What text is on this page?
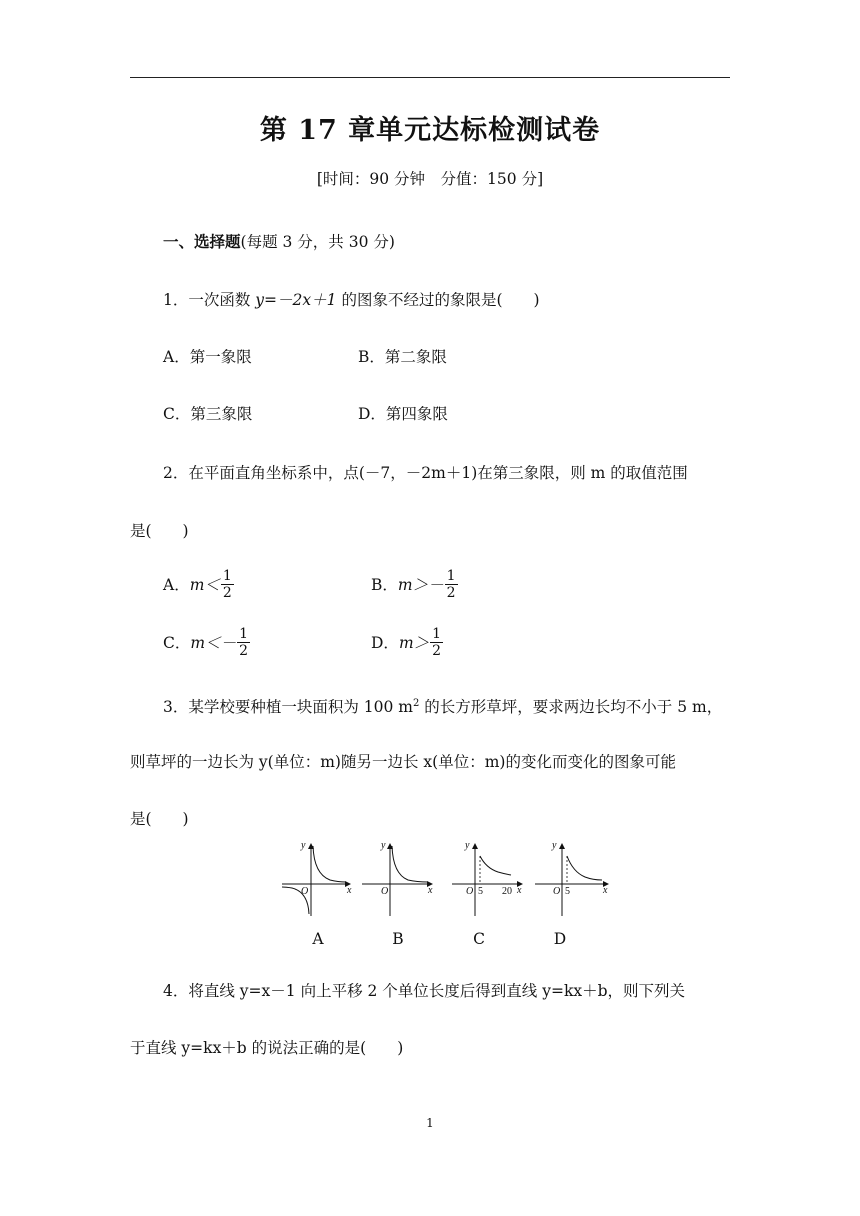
第 17 章单元达标检测试卷
[时间：90 分钟　分值：150 分]
一、选择题(每题 3 分，共 30 分)
1．一次函数 y=－2x＋1 的图象不经过的象限是(　　)
A．第一象限	B．第二象限
C．第三象限	D．第四象限
2．在平面直角坐标系中，点(－7，－2m＋1)在第三象限，则 m 的取值范围
是(　　)
A． $m< \frac{1}{2}$	B． $m>- \frac{1}{2}$
C． $m<- \frac{1}{2}$	D． $m> \frac{1}{2}$
3．某学校要种植一块面积为 100 $m^2$ 的长方形草坪，要求两边长均不小于 5 m，
则草坪的一边长为 y(单位：m)随另一边长 x(单位：m)的变化而变化的图象可能
是(　　)
y
x
O
y
x
O
y
x
O 5 20
y
x
O 5
A	B	C	D
4．将直线 y=x－1 向上平移 2 个单位长度后得到直线 y=kx＋b，则下列关
于直线 y=kx＋b 的说法正确的是(　　)
1
